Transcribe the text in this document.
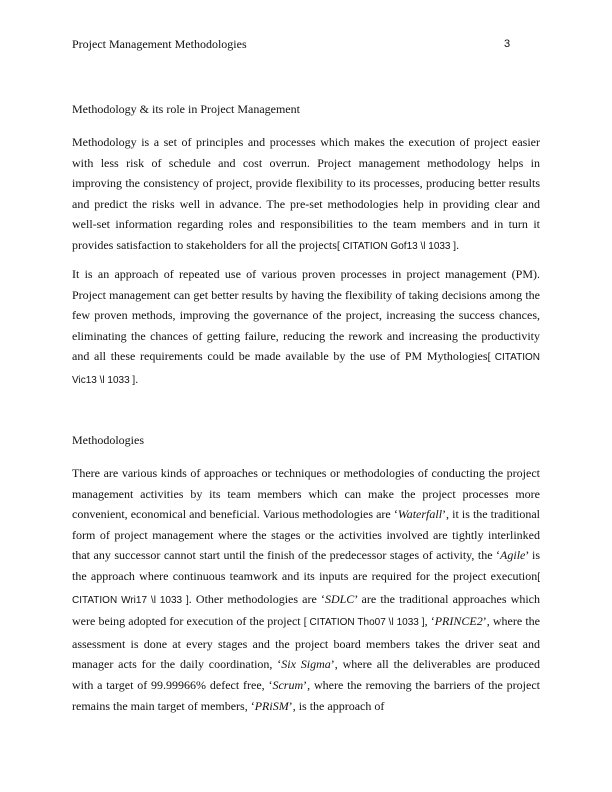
Project Management Methodologies	3
Methodology & its role in Project Management

Methodology is a set of principles and processes which makes the execution of project easier with less risk of schedule and cost overrun. Project management methodology helps in improving the consistency of project, provide flexibility to its processes, producing better results and predict the risks well in advance. The pre-set methodologies help in providing clear and well-set information regarding roles and responsibilities to the team members and in turn it provides satisfaction to stakeholders for all the projects[ CITATION Gof13 \l 1033 ].

It is an approach of repeated use of various proven processes in project management (PM). Project management can get better results by having the flexibility of taking decisions among the few proven methods, improving the governance of the project, increasing the success chances, eliminating the chances of getting failure, reducing the rework and increasing the productivity and all these requirements could be made available by the use of PM Mythologies[ CITATION Vic13 \l 1033 ].

Methodologies

There are various kinds of approaches or techniques or methodologies of conducting the project management activities by its team members which can make the project processes more convenient, economical and beneficial. Various methodologies are ‘Waterfall’, it is the traditional form of project management where the stages or the activities involved are tightly interlinked that any successor cannot start until the finish of the predecessor stages of activity, the ‘Agile’ is the approach where continuous teamwork and its inputs are required for the project execution[ CITATION Wri17 \l 1033 ]. Other methodologies are ‘SDLC’ are the traditional approaches which were being adopted for execution of the project [ CITATION Tho07 \l 1033 ], ‘PRINCE2’, where the assessment is done at every stages and the project board members takes the driver seat and manager acts for the daily coordination, ‘Six Sigma’, where all the deliverables are produced with a target of 99.99966% defect free, ‘Scrum’, where the removing the barriers of the project remains the main target of members, ‘PRiSM’, is the approach of
